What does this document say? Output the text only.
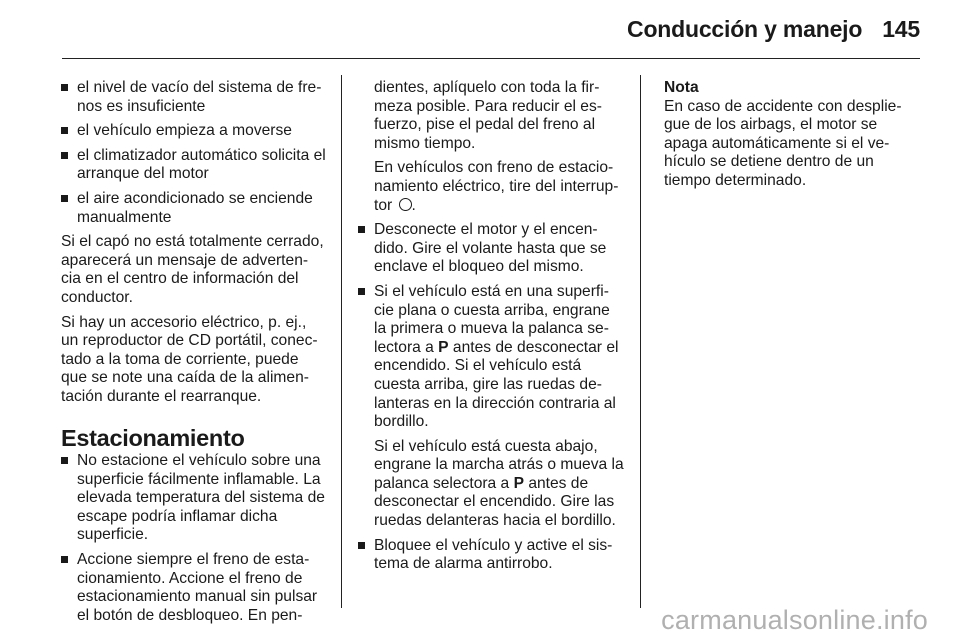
Conducción y manejo 145
el nivel de vacío del sistema de fre-nos es insuficiente
el vehículo empieza a moverse
el climatizador automático solicita el arranque del motor
el aire acondicionado se enciende manualmente

Si el capó no está totalmente cerrado, aparecerá un mensaje de adverten-cia en el centro de información del conductor.

Si hay un accesorio eléctrico, p. ej., un reproductor de CD portátil, conec-tado a la toma de corriente, puede que se note una caída de la alimen-tación durante el rearranque.

Estacionamiento
No estacione el vehículo sobre una superficie fácilmente inflamable. La elevada temperatura del sistema de escape podría inflamar dicha superficie.
Accione siempre el freno de esta-cionamiento. Accione el freno de estacionamiento manual sin pulsar el botón de desbloqueo. En pen-

dientes, aplíquelo con toda la fir-meza posible. Para reducir el es-fuerzo, pise el pedal del freno al mismo tiempo.

En vehículos con freno de estacio-namiento eléctrico, tire del interrup-tor .

Desconecte el motor y el encen-dido. Gire el volante hasta que se enclave el bloqueo del mismo.
Si el vehículo está en una superfi-cie plana o cuesta arriba, engrane la primera o mueva la palanca se-lectora a P antes de desconectar el encendido. Si el vehículo está cuesta arriba, gire las ruedas de-lanteras en la dirección contraria al bordillo.

Si el vehículo está cuesta abajo, engrane la marcha atrás o mueva la palanca selectora a P antes de desconectar el encendido. Gire las ruedas delanteras hacia el bordillo.

Bloquee el vehículo y active el sis-tema de alarma antirrobo.
Nota
En caso de accidente con desplie-gue de los airbags, el motor se apaga automáticamente si el ve-hículo se detiene dentro de un tiempo determinado.
carmanualsonline.info
